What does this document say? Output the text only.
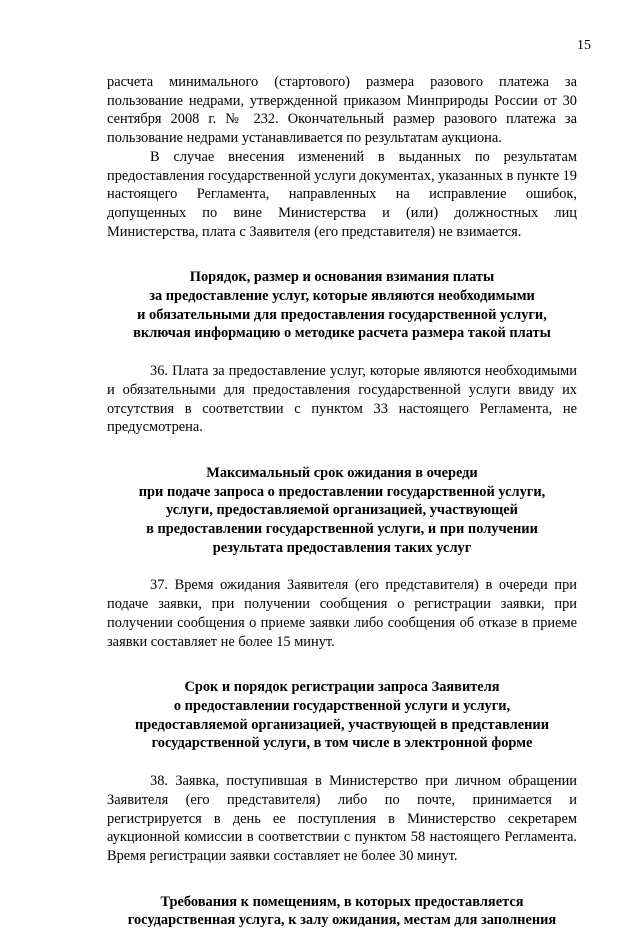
15

расчета минимального (стартового) размера разового платежа за пользование недрами, утвержденной приказом Минприроды России от 30 сентября 2008 г. № 232. Окончательный размер разового платежа за пользование недрами устанавливается по результатам аукциона.

В случае внесения изменений в выданных по результатам предоставления государственной услуги документах, указанных в пункте 19 настоящего Регламента, направленных на исправление ошибок, допущенных по вине Министерства и (или) должностных лиц Министерства, плата с Заявителя (его представителя) не взимается.

Порядок, размер и основания взимания платы
за предоставление услуг, которые являются необходимыми
и обязательными для предоставления государственной услуги,
включая информацию о методике расчета размера такой платы

36. Плата за предоставление услуг, которые являются необходимыми и обязательными для предоставления государственной услуги ввиду их отсутствия в соответствии с пунктом 33 настоящего Регламента, не предусмотрена.

Максимальный срок ожидания в очереди
при подаче запроса о предоставлении государственной услуги,
услуги, предоставляемой организацией, участвующей
в предоставлении государственной услуги, и при получении
результата предоставления таких услуг

37. Время ожидания Заявителя (его представителя) в очереди при подаче заявки, при получении сообщения о регистрации заявки, при получении сообщения о приеме заявки либо сообщения об отказе в приеме заявки составляет не более 15 минут.

Срок и порядок регистрации запроса Заявителя
о предоставлении государственной услуги и услуги,
предоставляемой организацией, участвующей в представлении
государственной услуги, в том числе в электронной форме

38. Заявка, поступившая в Министерство при личном обращении Заявителя (его представителя) либо по почте, принимается и регистрируется в день ее поступления в Министерство секретарем аукционной комиссии в соответствии с пунктом 58 настоящего Регламента. Время регистрации заявки составляет не более 30 минут.

Требования к помещениям, в которых предоставляется
государственная услуга, к залу ожидания, местам для заполнения
